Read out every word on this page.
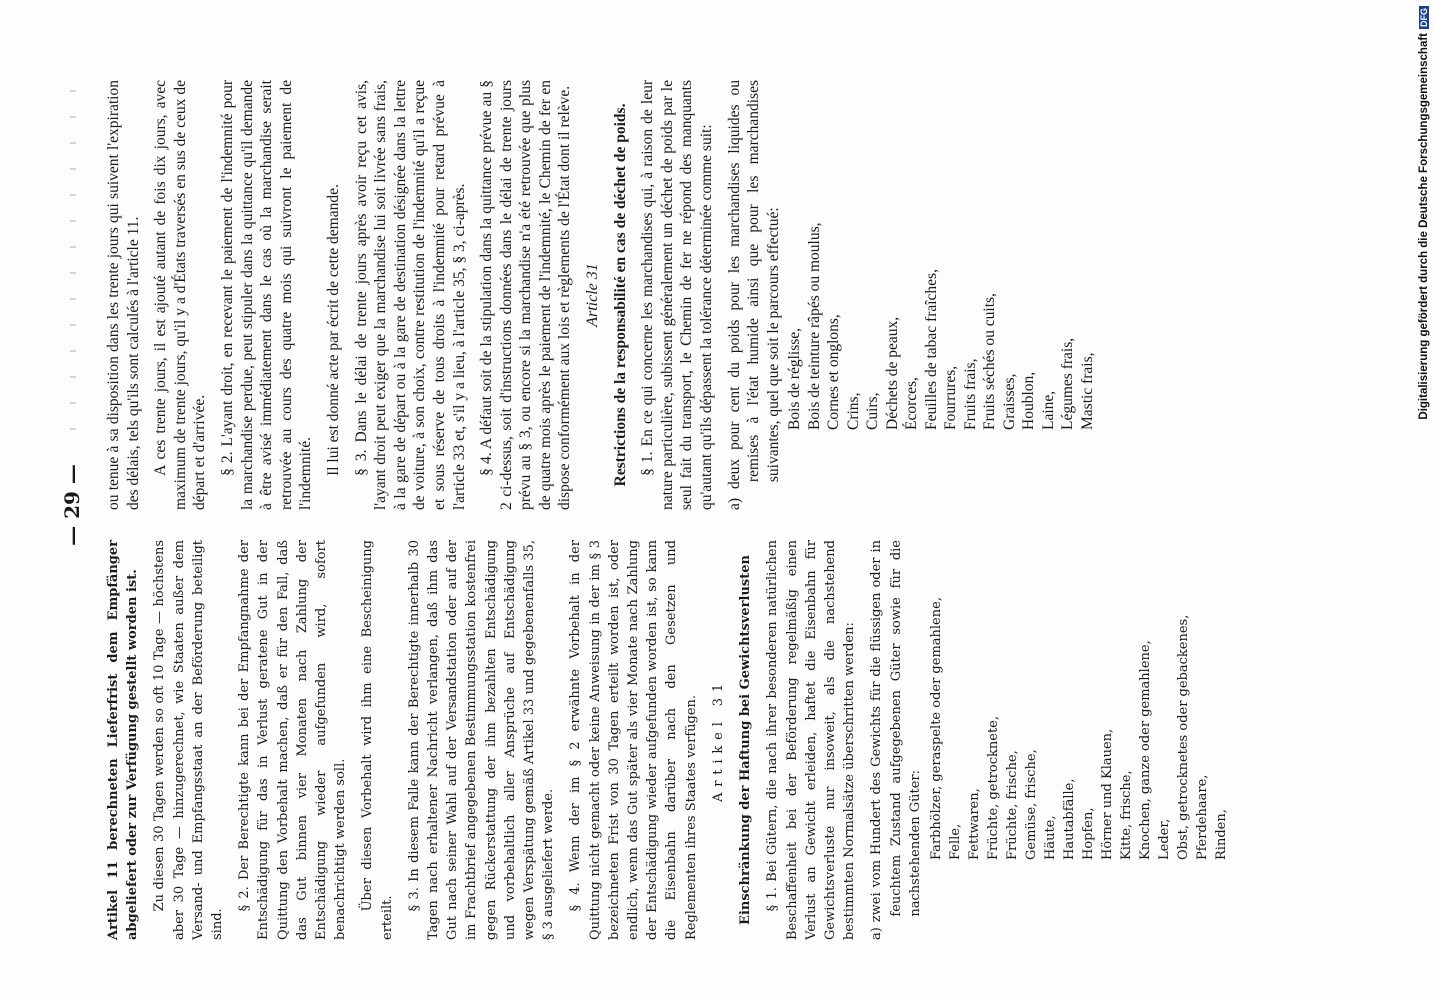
— 29 —

Artikel 11 berechneten Lieferfrist dem Empfänger abgeliefert oder zur Verfügung gestellt worden ist. Zu diesen 30 Tagen werden so oft 10 Tage — höchstens aber 30 Tage — hinzugerechnet, wie Staaten außer dem Versand- und Empfangsstaat an der Beförderung beteiligt sind.

§ 2. Der Berechtigte kann bei der Empfangnahme der Entschädigung für das in Verlust geratene Gut in der Quittung den Vorbehalt machen, daß er für den Fall, daß das Gut binnen vier Monaten nach Zahlung der Entschädigung wieder aufgefunden wird, sofort benachrichtigt werden soll. Über diesen Vorbehalt wird ihm eine Bescheinigung erteilt.

§ 3. In diesem Falle kann der Berechtigte innerhalb 30 Tagen nach erhaltener Nachricht verlangen, daß ihm das Gut nach seiner Wahl auf der Versandstation oder auf der im Frachtbrief angegebenen Bestimmungsstation kostenfrei gegen Rückerstattung der ihm bezahlten Entschädigung und vorbehaltlich aller Ansprüche auf Entschädigung wegen Verspätung gemäß Artikel 33 und gegebenenfalls 35, § 3 ausgeliefert werde. § 4. Wenn der im § 2 erwähnte Vorbehalt in der Quittung nicht gemacht oder keine Anweisung in der im § 3 bezeichneten Frist von 30 Tagen erteilt worden ist, oder endlich, wenn das Gut später als vier Monate nach Zahlung der Entschädigung wieder aufgefunden worden ist, so kann die Eisenbahn darüber nach den Gesetzen und Reglementen ihres Staates verfügen. Artikel 31 Einschränkung der Haftung bei Gewichtsverlusten § 1. Bei Gütern, die nach ihrer besonderen natürlichen Beschaffenheit bei der Beförderung regelmäßig einen Verlust an Gewicht erleiden, haftet die Eisenbahn für Gewichtsverluste nur insoweit, als die nachstehend bestimmten Normalsätze überschritten werden: a) zwei vom Hundert des Gewichts für die flüssigen oder in feuchtem Zustand aufgegebenen Güter sowie für die nachstehenden Güter: Farbhölzer, geraspelte oder gemahlene, Felle, Fettwaren, Früchte, getrocknete, Früchte, frische, Gemüse, frische, Häute, Hautabfälle, Hopfen, Hörner und Klauen, Kitte, frische, Knochen, ganze oder gemahlene, Leder, Obst, getrocknetes oder gebackenes, Pferdehaare, Rinden,

ou tenue à sa disposition dans les trente jours qui suivent l'expiration des délais, tels qu'ils sont calculés à l'article 11. A ces trente jours, il est ajouté autant de fois dix jours, avec maximum de trente jours, qu'il y a d'États traversés en sus de ceux de départ et d'arrivée. § 2. L'ayant droit, en recevant le paiement de l'indemnité pour la marchandise perdue, peut stipuler dans la quittance qu'il demande à être avisé immédiatement dans le cas où la marchandise serait retrouvée au cours des quatre mois qui suivront le paiement de l'indemnité. Il lui est donné acte par écrit de cette demande. § 3. Dans le délai de trente jours après avoir reçu cet avis, l'ayant droit peut exiger que la marchandise lui soit livrée sans frais, à la gare de départ ou à la gare de destination désignée dans la lettre de voiture, à son choix, contre restitution de l'indemnité qu'il a reçue et sous réserve de tous droits à l'indemnité pour retard prévue à l'article 33 et, s'il y a lieu, à l'article 35, § 3, ci-après. § 4. A défaut soit de la stipulation dans la quittance prévue au § 2 ci-dessus, soit d'instructions données dans le délai de trente jours prévu au § 3, ou encore si la marchandise n'a été retrouvée que plus de quatre mois après le paiement de l'indemnité, le Chemin de fer en dispose conformément aux lois et règlements de l'État dont il relève. Article 31 Restrictions de la responsabilité en cas de déchet de poids. § 1. En ce qui concerne les marchandises qui, à raison de leur nature particulière, subissent généralement un déchet de poids par le seul fait du transport, le Chemin de fer ne répond des manquants qu'autant qu'ils dépassent la tolérance déterminée comme suit: a) deux pour cent du poids pour les marchandises liquides ou remises à l'état humide ainsi que pour les marchandises suivantes, quel que soit le parcours effectué: Bois de réglisse, Bois de teinture râpés ou moulus, Cornes et onglons, Crins, Cuirs, Déchets de peaux, Écorces, Feuilles de tabac fraîches, Fourrures, Fruits frais, Fruits séchés ou cuits, Graisses, Houblon, Laine, Légumes frais, Mastic frais,	Digitalisierung gefördert durch die Deutsche Forschungsgemeinschaft
DFG
